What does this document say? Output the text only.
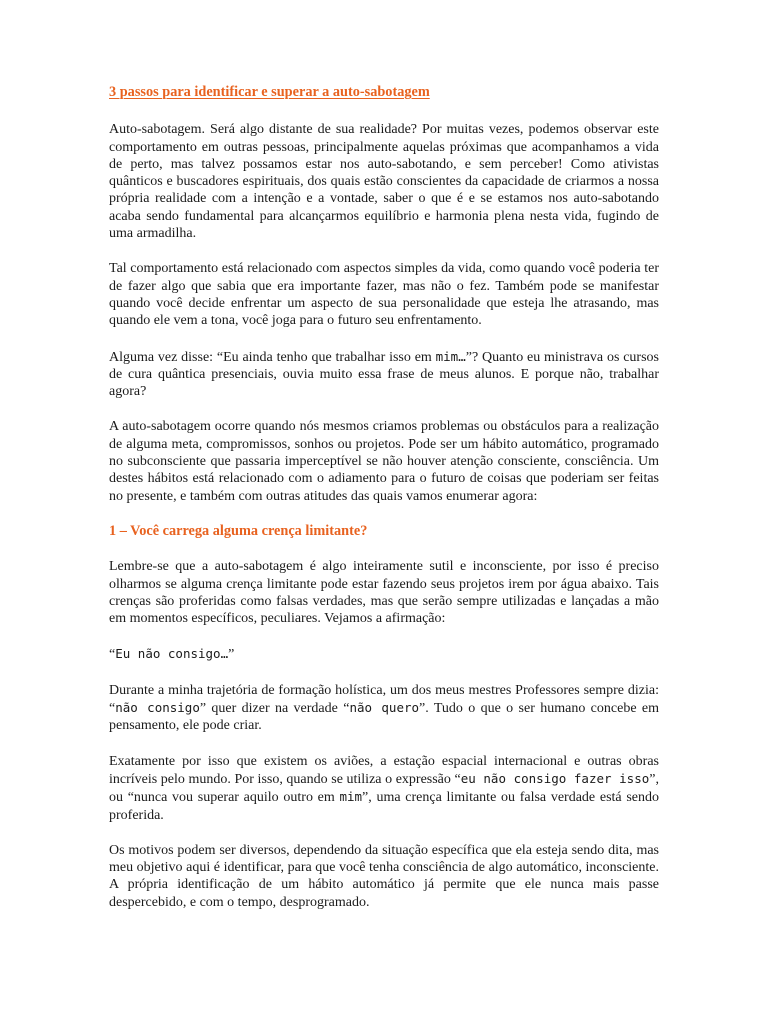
3 passos para identificar e superar a auto-sabotagem

Auto-sabotagem. Será algo distante de sua realidade? Por muitas vezes, podemos observar este comportamento em outras pessoas, principalmente aquelas próximas que acompanhamos a vida de perto, mas talvez possamos estar nos auto-sabotando, e sem perceber! Como ativistas quânticos e buscadores espirituais, dos quais estão conscientes da capacidade de criarmos a nossa própria realidade com a intenção e a vontade, saber o que é e se estamos nos auto-sabotando acaba sendo fundamental para alcançarmos equilíbrio e harmonia plena nesta vida, fugindo de uma armadilha.

Tal comportamento está relacionado com aspectos simples da vida, como quando você poderia ter de fazer algo que sabia que era importante fazer, mas não o fez. Também pode se manifestar quando você decide enfrentar um aspecto de sua personalidade que esteja lhe atrasando, mas quando ele vem a tona, você joga para o futuro seu enfrentamento.

Alguma vez disse: “Eu ainda tenho que trabalhar isso em mim…”? Quanto eu ministrava os cursos de cura quântica presenciais, ouvia muito essa frase de meus alunos. E porque não, trabalhar agora?

A auto-sabotagem ocorre quando nós mesmos criamos problemas ou obstáculos para a realização de alguma meta, compromissos, sonhos ou projetos. Pode ser um hábito automático, programado no subconsciente que passaria imperceptível se não houver atenção consciente, consciência. Um destes hábitos está relacionado com o adiamento para o futuro de coisas que poderiam ser feitas no presente, e também com outras atitudes das quais vamos enumerar agora:

1 – Você carrega alguma crença limitante?

Lembre-se que a auto-sabotagem é algo inteiramente sutil e inconsciente, por isso é preciso olharmos se alguma crença limitante pode estar fazendo seus projetos irem por água abaixo. Tais crenças são proferidas como falsas verdades, mas que serão sempre utilizadas e lançadas a mão em momentos específicos, peculiares. Vejamos a afirmação:

“Eu não consigo…”

Durante a minha trajetória de formação holística, um dos meus mestres Professores sempre dizia: “não consigo” quer dizer na verdade “não quero”. Tudo o que o ser humano concebe em pensamento, ele pode criar.

Exatamente por isso que existem os aviões, a estação espacial internacional e outras obras incríveis pelo mundo. Por isso, quando se utiliza o expressão “eu não consigo fazer isso”, ou “nunca vou superar aquilo outro em mim”, uma crença limitante ou falsa verdade está sendo proferida.

Os motivos podem ser diversos, dependendo da situação específica que ela esteja sendo dita, mas meu objetivo aqui é identificar, para que você tenha consciência de algo automático, inconsciente. A própria identificação de um hábito automático já permite que ele nunca mais passe despercebido, e com o tempo, desprogramado.
